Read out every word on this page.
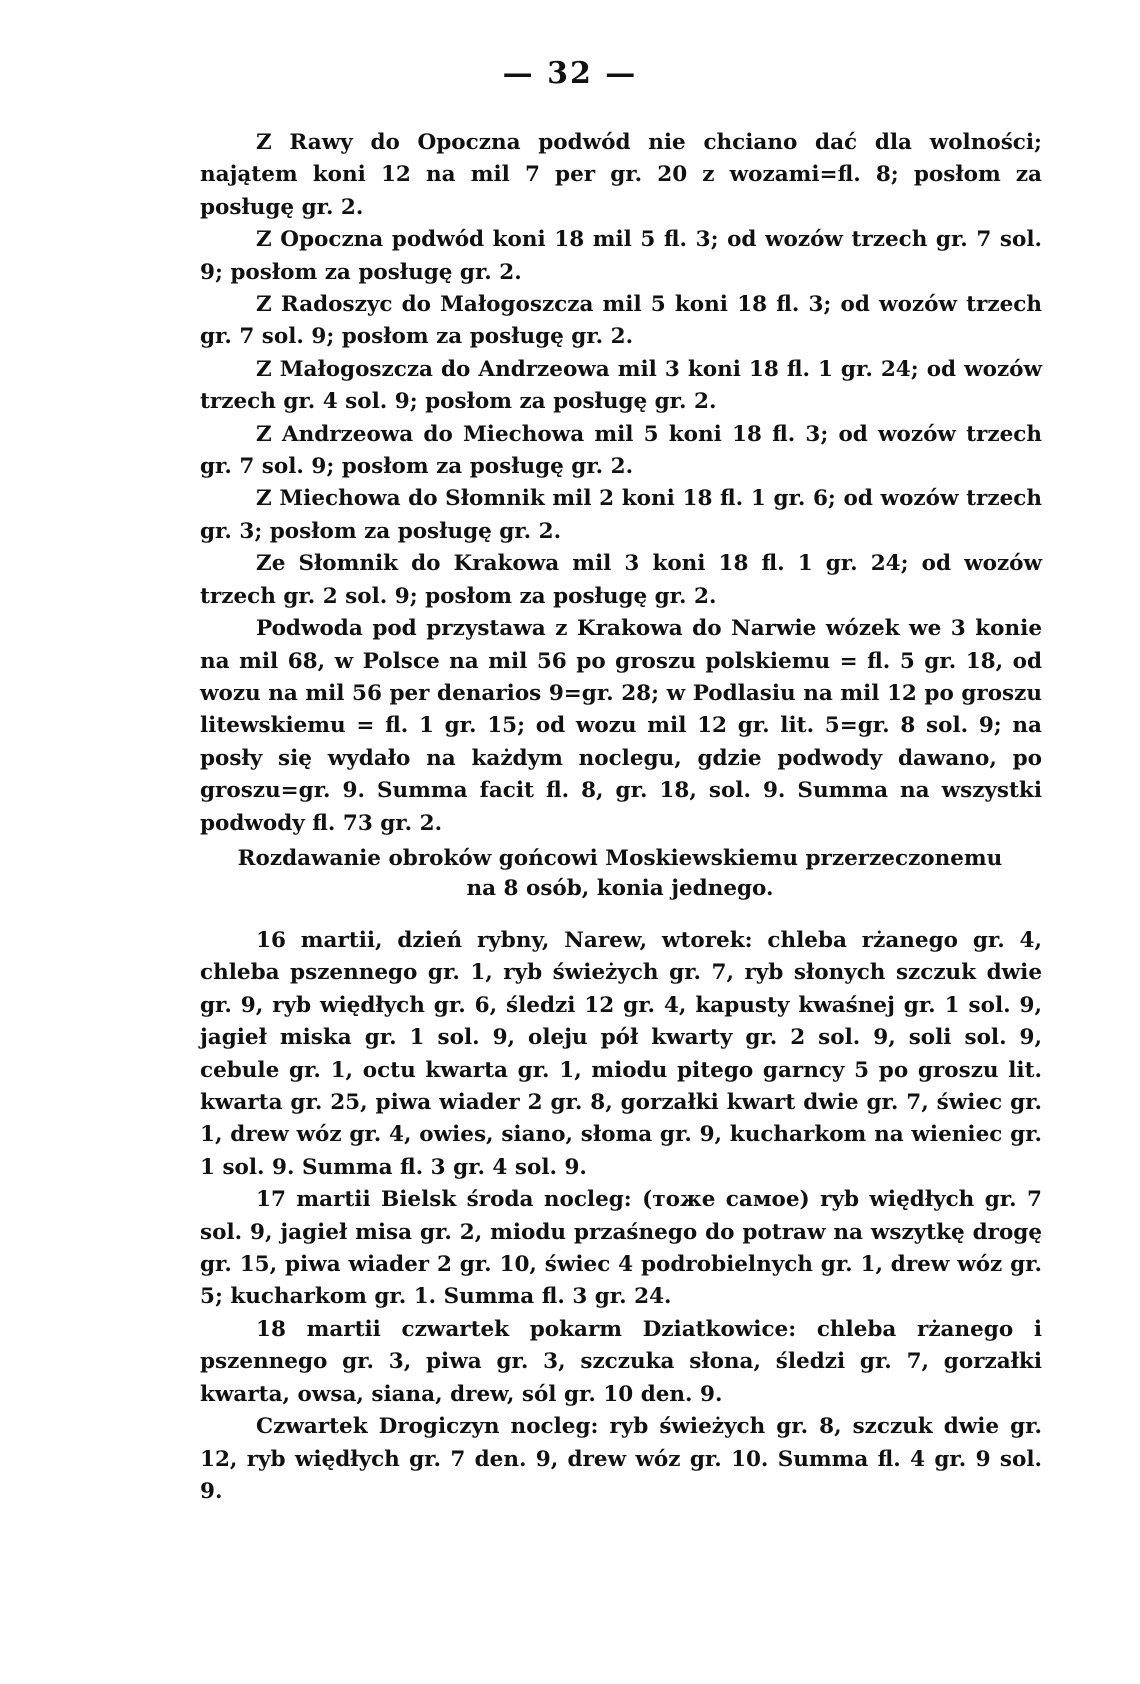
— 32 —

Z Rawy do Opoczna podwód nie chciano dać dla wolności; najątem koni 12 na mil 7 per gr. 20 z wozami=fl. 8; posłom za posługę gr. 2.

Z Opoczna podwód koni 18 mil 5 fl. 3; od wozów trzech gr. 7 sol. 9; posłom za posługę gr. 2.

Z Radoszyc do Małogoszcza mil 5 koni 18 fl. 3; od wozów trzech gr. 7 sol. 9; posłom za posługę gr. 2.

Z Małogoszcza do Andrzeowa mil 3 koni 18 fl. 1 gr. 24; od wozów trzech gr. 4 sol. 9; posłom za posługę gr. 2.

Z Andrzeowa do Miechowa mil 5 koni 18 fl. 3; od wozów trzech gr. 7 sol. 9; posłom za posługę gr. 2.

Z Miechowa do Słomnik mil 2 koni 18 fl. 1 gr. 6; od wozów trzech gr. 3; posłom za posługę gr. 2.

Ze Słomnik do Krakowa mil 3 koni 18 fl. 1 gr. 24; od wozów trzech gr. 2 sol. 9; posłom za posługę gr. 2.

Podwoda pod przystawa z Krakowa do Narwie wózek we 3 konie na mil 68, w Polsce na mil 56 po groszu polskiemu = fl. 5 gr. 18, od wozu na mil 56 per denarios 9=gr. 28; w Podlasiu na mil 12 po groszu litewskiemu = fl. 1 gr. 15; od wozu mil 12 gr. lit. 5=gr. 8 sol. 9; na posły się wydało na każdym noclegu, gdzie podwody dawano, po groszu=gr. 9. Summa facit fl. 8, gr. 18, sol. 9. Summa na wszystki podwody fl. 73 gr. 2.

Rozdawanie obroków gońcowi Moskiewskiemu przerzeczonemu
na 8 osób, konia jednego.

16 martii, dzień rybny, Narew, wtorek: chleba rżanego gr. 4, chleba pszennego gr. 1, ryb świeżych gr. 7, ryb słonych szczuk dwie gr. 9, ryb więdłych gr. 6, śledzi 12 gr. 4, kapusty kwaśnej gr. 1 sol. 9, jagieł miska gr. 1 sol. 9, oleju pół kwarty gr. 2 sol. 9, soli sol. 9, cebule gr. 1, octu kwarta gr. 1, miodu pitego garncy 5 po groszu lit. kwarta gr. 25, piwa wiader 2 gr. 8, gorzałki kwart dwie gr. 7, świec gr. 1, drew wóz gr. 4, owies, siano, słoma gr. 9, kucharkom na wieniec gr. 1 sol. 9. Summa fl. 3 gr. 4 sol. 9.

17 martii Bielsk środa nocleg: (тоже самое) ryb więdłych gr. 7 sol. 9, jagieł misa gr. 2, miodu przaśnego do potraw na wszytkę drogę gr. 15, piwa wiader 2 gr. 10, świec 4 podrobielnych gr. 1, drew wóz gr. 5; kucharkom gr. 1. Summa fl. 3 gr. 24.

18 martii czwartek pokarm Dziatkowice: chleba rżanego i pszennego gr. 3, piwa gr. 3, szczuka słona, śledzi gr. 7, gorzałki kwarta, owsa, siana, drew, sól gr. 10 den. 9.

Czwartek Drogiczyn nocleg: ryb świeżych gr. 8, szczuk dwie gr. 12, ryb więdłych gr. 7 den. 9, drew wóz gr. 10. Summa fl. 4 gr. 9 sol. 9.
